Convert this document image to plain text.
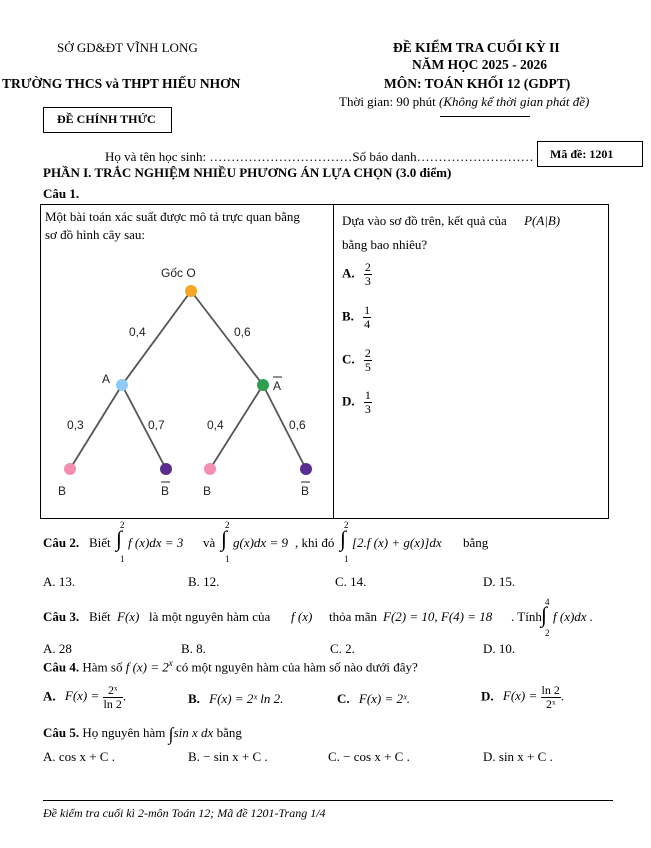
SỞ GD&ĐT VĨNH LONG
TRƯỜNG THCS và THPT HIẾU NHƠN
ĐỀ CHÍNH THỨC
ĐỀ KIỂM TRA CUỐI KỲ II
NĂM HỌC 2025 - 2026
MÔN: TOÁN KHỐI 12 (GDPT)
Thời gian: 90 phút (Không kể thời gian phát đề)
Họ và tên học sinh: ……………………………Số báo danh……………………… Mã đề: 1201
PHẦN I. TRẮC NGHIỆM NHIỀU PHƯƠNG ÁN LỰA CHỌN (3.0 điểm)
Câu 1.
Một bài toán xác suất được mô tả trực quan bằng
sơ đồ hình cây sau:
Gốc O
A	A
0,4	0,6
0,3	0,7	0,4	0,6
B	B	B	B
Dựa vào sơ đồ trên, kết quả của P(A|B)
bằng bao nhiêu?
A. $\frac{2}{3}$
B. $\frac{1}{4}$
C. $\frac{2}{5}$
D. $\frac{1}{3}$
Câu 2. Biết
2
∫
1
f (x)dx = 3 và
2
∫
1
g(x)dx = 9 , khi đó
2
∫
1
[2.f (x) + g(x)]dx bằng
A. 13.	B. 12.	C. 14.	D. 15.
Câu 3. Biết F(x) là một nguyên hàm của f (x) thỏa mãn F(2) = 10, F(4) = 18 . Tính
4
∫
2
f (x)dx .
A. 28	B. 8.	C. 2.	D. 10.
Câu 4. Hàm số f $(x) = 2^x$ có một nguyên hàm của hàm số nào dưới đây?
A. $F(x) = \frac{\text{2ˣ}}{\ln 2}$ .	B. F(x) = 2ˣ ln 2.	C. F(x) = 2ˣ.	D. $F(x) = \frac{\ln 2}{\text{2ˣ}}$ .
Câu 5. Họ nguyên hàm ∫sin x dx bằng
A. cos x + C .	B. − sin x + C .	C. − cos x + C .	D. sin x + C .
Đề kiểm tra cuối kì 2-môn Toán 12; Mã đề 1201-Trang 1/4
